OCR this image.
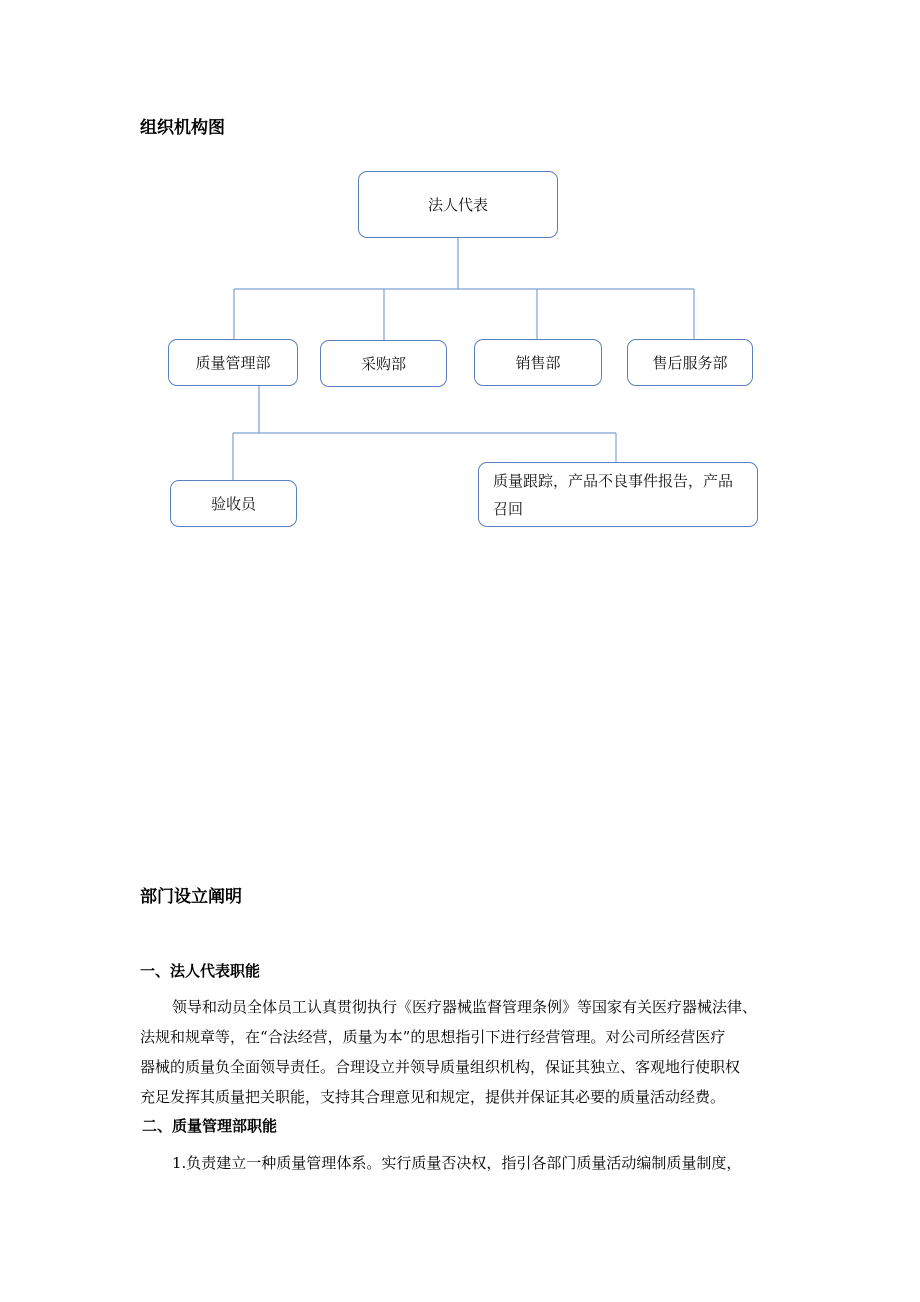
组织机构图
法人代表
质量管理部	采购部	销售部	售后服务部
验收员
质量跟踪，产品不良事件报告，产品召回
部门设立阐明
一、法人代表职能
领导和动员全体员工认真贯彻执行《医疗器械监督管理条例》等国家有关医疗器械法律、
法规和规章等，在“合法经营，质量为本”的思想指引下进行经营管理。对公司所经营医疗
器械的质量负全面领导责任。合理设立并领导质量组织机构，保证其独立、客观地行使职权
充足发挥其质量把关职能，支持其合理意见和规定，提供并保证其必要的质量活动经费。
二、质量管理部职能
1.负责建立一种质量管理体系。实行质量否决权，指引各部门质量活动编制质量制度，
